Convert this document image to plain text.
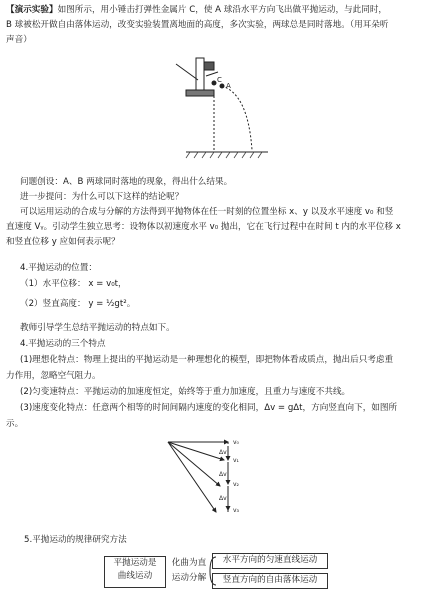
【演示实验】如图所示，用小锤击打弹性金属片 C，使 A 球沿水平方向飞出做平抛运动，与此同时，
B 球被松开做自由落体运动，改变实验装置离地面的高度，多次实验，两球总是同时落地。（用耳朵听
声音）
C
A
问题创设：A、B 两球同时落地的现象，得出什么结果。
进一步提问：为什么可以下这样的结论呢？
可以运用运动的合成与分解的方法得到平抛物体在任一时刻的位置坐标 x、y 以及水平速度 v₀ 和竖
直速度 Vᵧ。引动学生独立思考：设物体以初速度水平 v₀ 抛出，它在飞行过程中在时间 t 内的水平位移 x
和竖直位移 y 应如何表示呢？
4.平抛运动的位置：
（1）水平位移： x = v₀t，
（2）竖直高度： y = ½gt²。
教师引导学生总结平抛运动的特点如下。
4.平抛运动的三个特点
(1)理想化特点：物理上提出的平抛运动是一种理想化的模型，即把物体看成质点，抛出后只考虑重
力作用，忽略空气阻力。
(2)匀变速特点：平抛运动的加速度恒定，始终等于重力加速度，且重力与速度不共线。
(3)速度变化特点：任意两个相等的时间间隔内速度的变化相同，Δv = gΔt，方向竖直向下，如图所
示。
v₀
v₁
v₂
v₃
Δv
Δv
Δv
5.平抛运动的规律研究方法
平抛运动是
曲线运动
化曲为直
运动分解
水平方向的匀速直线运动
竖直方向的自由落体运动
